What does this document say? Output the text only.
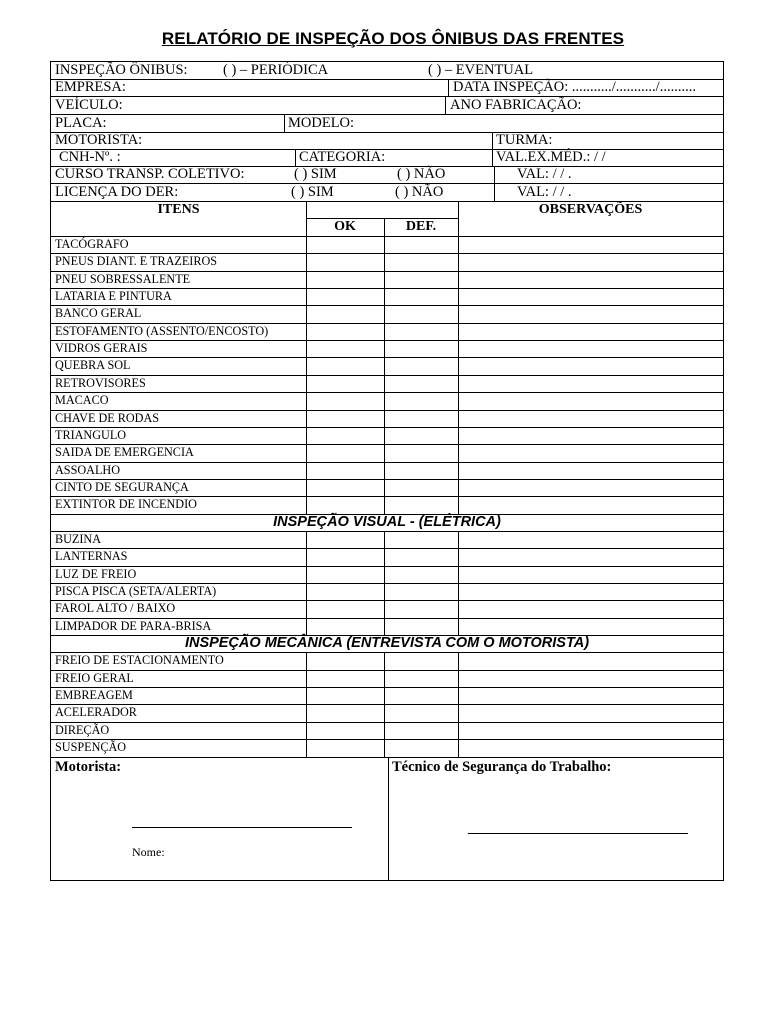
RELATÓRIO DE INSPEÇÃO DOS ÔNIBUS DAS FRENTES
INSPEÇÃO ÔNIBUS: ( ) – PERIÓDICA	( ) – EVENTUAL
EMPRESA:	DATA INSPEÇÃO: .........../.........../..........
VEÍCULO:	ANO FABRICAÇÃO:
PLACA:	MODELO:
MOTORISTA:	TURMA:
CNH-Nº. :	CATEGORIA:	VAL.EX.MÉD.: / /
CURSO TRANSP. COLETIVO:	( ) SIM	( ) NÃO	VAL: / / .
LICENÇA DO DER:	( ) SIM	( ) NÃO	VAL: / / .
ITENS	OBSERVAÇÕES
OK	DEF.
TACÓGRAFO
PNEUS DIANT. E TRAZEIROS
PNEU SOBRESSALENTE
LATARIA E PINTURA
BANCO GERAL
ESTOFAMENTO (ASSENTO/ENCOSTO)
VIDROS GERAIS
QUEBRA SOL
RETROVISORES
MACACO
CHAVE DE RODAS
TRIANGULO
SAIDA DE EMERGENCIA
ASSOALHO
CINTO DE SEGURANÇA
EXTINTOR DE INCENDIO
INSPEÇÃO VISUAL - (ELÉTRICA)
BUZINA
LANTERNAS
LUZ DE FREIO
PISCA PISCA (SETA/ALERTA)
FAROL ALTO / BAIXO
LIMPADOR DE PARA-BRISA
INSPEÇÃO MECÂNICA (ENTREVISTA COM O MOTORISTA)
FREIO DE ESTACIONAMENTO
FREIO GERAL
EMBREAGEM
ACELERADOR
DIREÇÃO
SUSPENÇÃO
Motorista:	Técnico de Segurança do Trabalho:
Nome:
